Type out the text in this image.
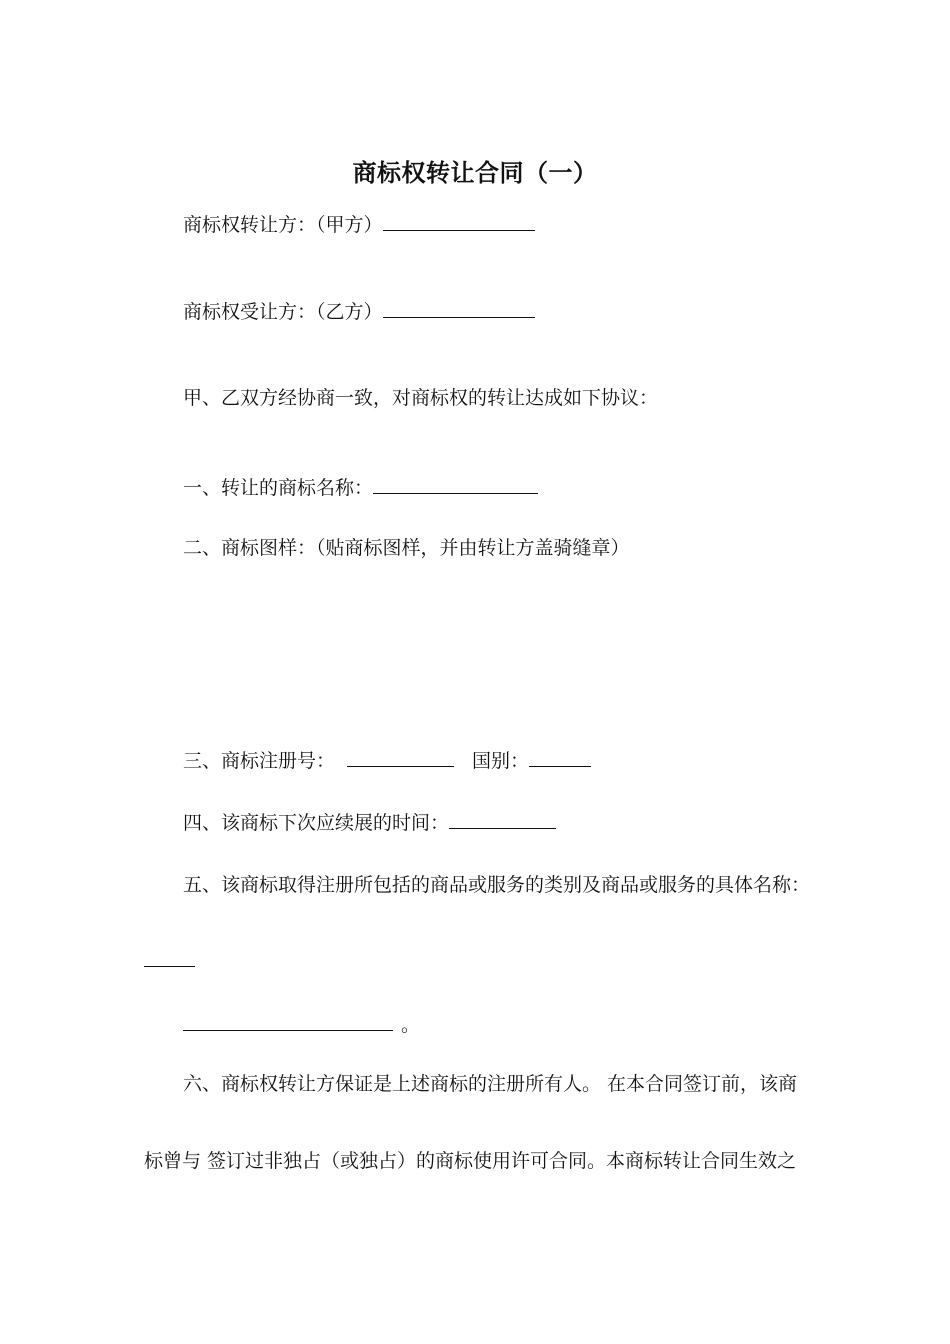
商标权转让合同（一）
商标权转让方：（甲方）
商标权受让方：（乙方）
甲、乙双方经协商一致，对商标权的转让达成如下协议：
一、转让的商标名称：
二、商标图样：（贴商标图样，并由转让方盖骑缝章）
三、商标注册号：	国别：
四、该商标下次应续展的时间：
五、该商标取得注册所包括的商品或服务的类别及商品或服务的具体名称：
。
六、商标权转让方保证是上述商标的注册所有人。 在本合同签订前，该商
标曾与 签订过非独占（或独占）的商标使用许可合同。本商标转让合同生效之
